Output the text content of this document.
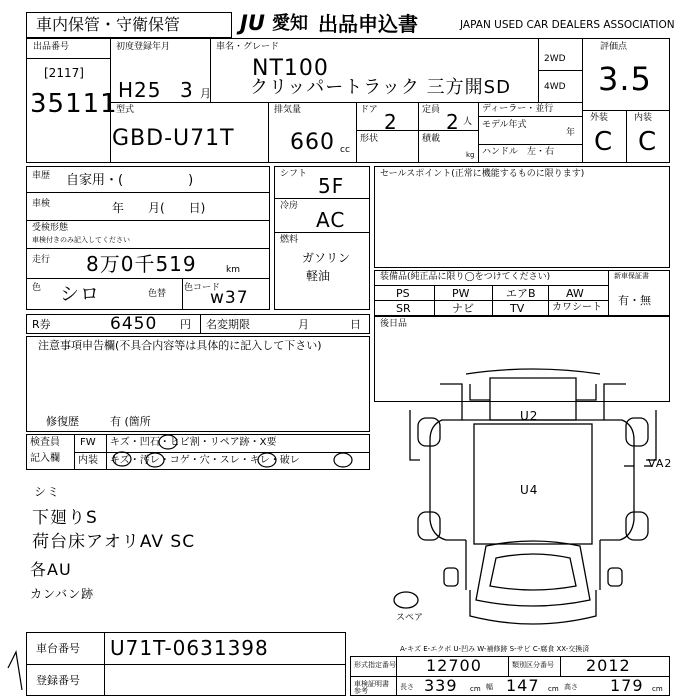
車内保管・守衛保管	JU 愛知 出品申込書	JAPAN USED CAR DEALERS ASSOCIATION
出品番号
[2117]
35111
初度登録年月
H25 3 月
車名・グレード
NT100
クリッパートラック 三方開SD
2WD
4WD
評価点
3.5
外装	内装
C C
型式
GBD-U71T
排気量
660 cc
ドア 2	定員 2 人
形状	積載
kg
ディーラー・並行
モデル年式
年
ハンドル　左・右
車歴 自家用・(　　　　　)
車検	年　　月(　　日)
受検形態
車検付きのみ記入してください
走行 8万0千519	km
色 シロ	色替
色コード
w37
シフト 5F
冷房
AC
燃料
ガソリン
軽油
セールスポイント(正常に機能するものに限ります)
装備品(純正品に限り◯をつけてください)
PS	PW	エアB	AW
SR	ナビ	TV	カワシート
新車保証書
有・無
R券	6450 円 名変期限	月	日 後日品
注意事項申告欄(不具合内容等は具体的に記入して下さい)
修復歴	有 (箇所
検査員
記入欄
FW キズ・凹石・ヒビ割・リペア跡・X要
内装 キズ・汚レ・コゲ・穴・スレ・キレ・破レ
シミ
下廻りS
荷台床アオリAV SC
各AU
カンバン跡
車台番号 U71T-0631398
登録番号
形式指定番号 12700	類別区分番号 2012
車検証明書参考	長さ 339 cm 幅 147 cm 高さ 179 cm
A-キズ E-エクボ U-凹み W-補修跡 S-サビ C-腐食 XX-交換済
スペア
U2
U4
VA2
